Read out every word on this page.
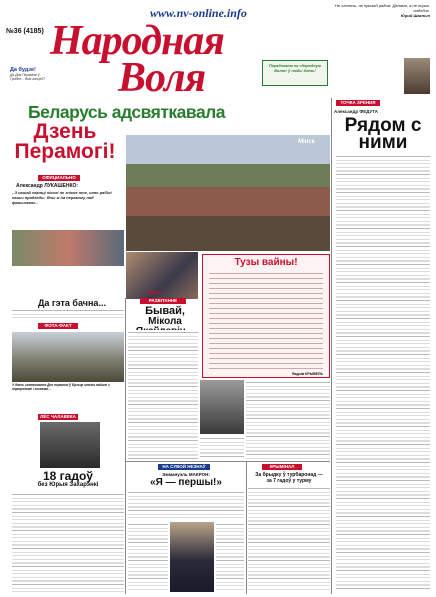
www.nv-online.info
Не хлопочи, не прыгай рядом. Делами, а не пирог, надобно.
Юрий Шаклын
№36 (4185) Народная
Воля
Да будзе!
Да Дня Перамогі ў Гродне... Якія гасцей?
Перадплата на «Народную Волю» ў любы дзень!
ТОЧКА ЗРЕНИЯ
Александр ФЕДУТА
Рядом с ними
Беларусь адсвяткавала
Дзень Перамогі!
ОФИЦИАЛЬНО
Александр ЛУКАШЕНКО:
- З нашай памяці ніколі не знікне тое, што рабілі нашы прадзеды. Яны ж на перамогу над фашызмам...
Мінск
Брэст
Тузы вайны!
Вадзім КРЫВЕЛЬ
Да гэта бачна...
ФОТА-ФАКТ
У дзень святкавання Дня перамогі ў Брэсце многія пайшлі з партрэтамі і выявамі...
ЛЁС ЧАЛАВЕКА
18 гадоў
без Юрыя Захарэнкі
РАЗВІТАННЕ
Бывай,
Мікола
КРЫМІНАЛ
За брыдку ў турбаронад —
за 7 гадоў у турму
НА СУВОЙ НЕЗНАЎ
Эммануэль МАКРОН:
«Я — першы!»
